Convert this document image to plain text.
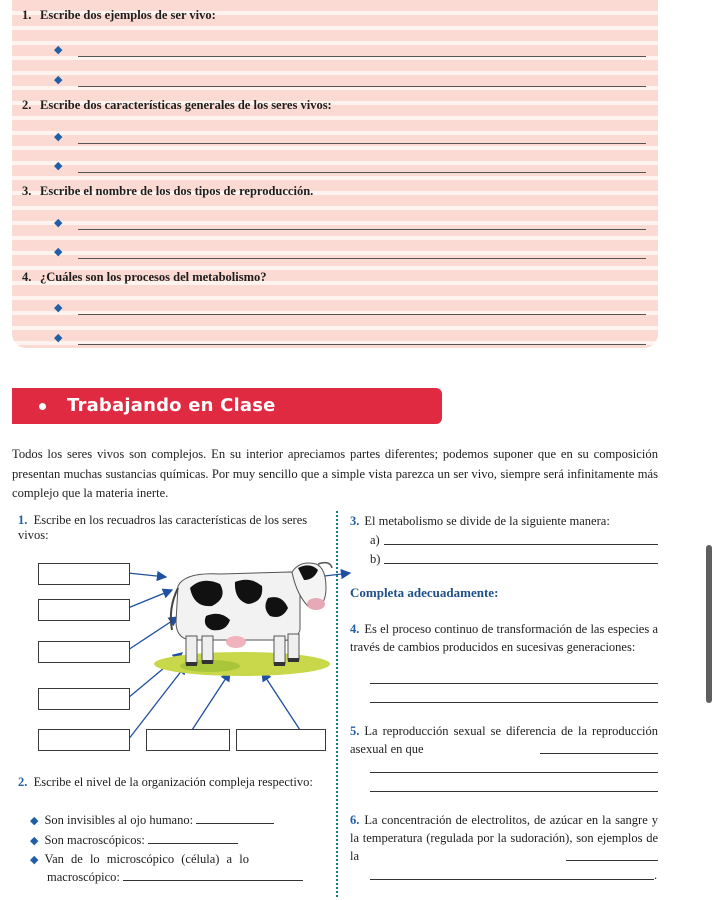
1. Escribe dos ejemplos de ser vivo:
◆
◆
2. Escribe dos características generales de los seres vivos:
◆
◆
3. Escribe el nombre de los dos tipos de reproducción.
◆
◆
4. ¿Cuáles son los procesos del metabolismo?
◆
◆
Trabajando en Clase
Todos los seres vivos son complejos. En su interior apreciamos partes diferentes; podemos suponer que en su composición presentan muchas sustancias químicas. Por muy sencillo que a simple vista parezca un ser vivo, siempre será infinitamente más complejo que la materia inerte.
1. Escribe en los recuadros las características de los seres vivos:
2. Escribe el nivel de la organización compleja respectivo:
◆ Son invisibles al ojo humano:
◆ Son macroscópicos:
◆ Van de lo microscópico (célula) a lo
macroscópico:
3. El metabolismo se divide de la siguiente manera:
a)
b)
Completa adecuadamente:
4. Es el proceso continuo de transformación de las especies a través de cambios producidos en sucesivas generaciones:
5. La reproducción sexual se diferencia de la reproducción asexual en que
6. La concentración de electrolitos, de azúcar en la sangre y la temperatura (regulada por la sudoración), son ejemplos de la
.
